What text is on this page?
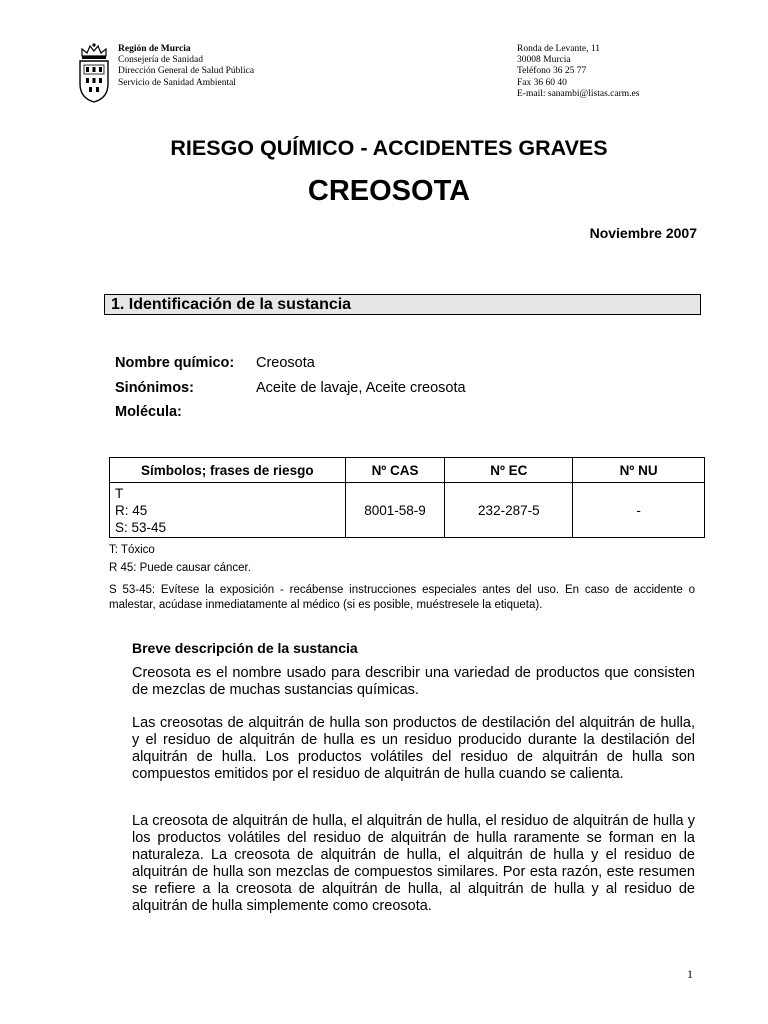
Región de Murcia
Consejería de Sanidad
Dirección General de Salud Pública
Servicio de Sanidad Ambiental
Ronda de Levante, 11
30008 Murcia
Teléfono 36 25 77
Fax 36 60 40
E-mail: sanambi@listas.carm.es
RIESGO QUÍMICO - ACCIDENTES GRAVES
CREOSOTA
Noviembre 2007
1. Identificación de la sustancia
Nombre químico: Creosota
Sinónimos:	Aceite de lavaje, Aceite creosota
Molécula:
Símbolos; frases de riesgo	Nº CAS	Nº EC	Nº NU

T
R: 45
S: 53-45	8001-58-9	232-287-5	-
T: Tóxico
R 45: Puede causar cáncer.
S 53-45: Evítese la exposición - recábense instrucciones especiales antes del uso. En caso de accidente o malestar, acúdase inmediatamente al médico (si es posible, muéstresele la etiqueta).
Breve descripción de la sustancia

Creosota es el nombre usado para describir una variedad de productos que consisten de mezclas de muchas sustancias químicas.

Las creosotas de alquitrán de hulla son productos de destilación del alquitrán de hulla, y el residuo de alquitrán de hulla es un residuo producido durante la destilación del alquitrán de hulla. Los productos volátiles del residuo de alquitrán de hulla son compuestos emitidos por el residuo de alquitrán de hulla cuando se calienta.

La creosota de alquitrán de hulla, el alquitrán de hulla, el residuo de alquitrán de hulla y los productos volátiles del residuo de alquitrán de hulla raramente se forman en la naturaleza. La creosota de alquitrán de hulla, el alquitrán de hulla y el residuo de alquitrán de hulla son mezclas de compuestos similares. Por esta razón, este resumen se refiere a la creosota de alquitrán de hulla, al alquitrán de hulla y al residuo de alquitrán de hulla simplemente como creosota.

1
